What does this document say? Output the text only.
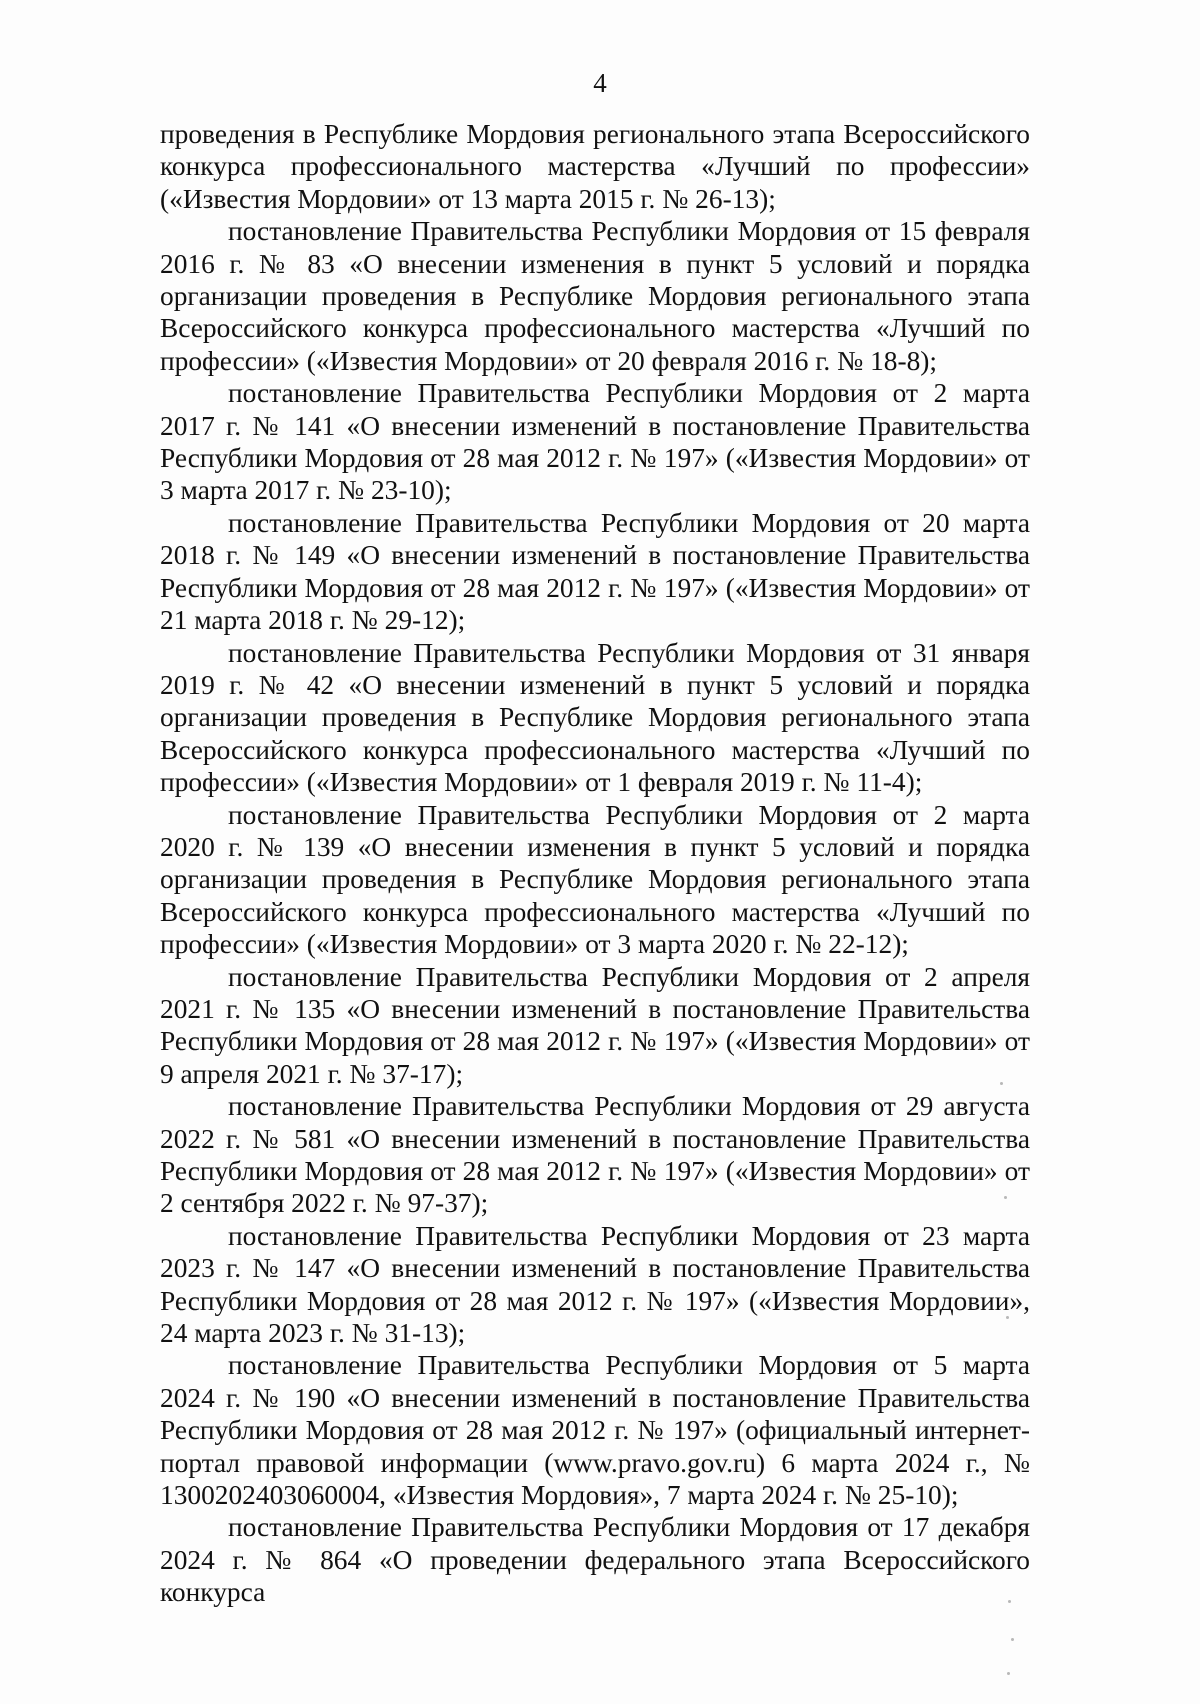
4

проведения в Республике Мордовия регионального этапа Всероссийского конкурса профессионального мастерства «Лучший по профессии» («Известия Мордовии» от 13 марта 2015 г. № 26-13);

постановление Правительства Республики Мордовия от 15 февраля 2016 г. № 83 «О внесении изменения в пункт 5 условий и порядка организации проведения в Республике Мордовия регионального этапа Всероссийского конкурса профессионального мастерства «Лучший по профессии» («Известия Мордовии» от 20 февраля 2016 г. № 18-8);

постановление Правительства Республики Мордовия от 2 марта 2017 г. № 141 «О внесении изменений в постановление Правительства Республики Мордовия от 28 мая 2012 г. № 197» («Известия Мордовии» от 3 марта 2017 г. № 23-10);

постановление Правительства Республики Мордовия от 20 марта 2018 г. № 149 «О внесении изменений в постановление Правительства Республики Мордовия от 28 мая 2012 г. № 197» («Известия Мордовии» от 21 марта 2018 г. № 29-12);

постановление Правительства Республики Мордовия от 31 января 2019 г. № 42 «О внесении изменений в пункт 5 условий и порядка организации проведения в Республике Мордовия регионального этапа Всероссийского конкурса профессионального мастерства «Лучший по профессии» («Известия Мордовии» от 1 февраля 2019 г. № 11-4);

постановление Правительства Республики Мордовия от 2 марта 2020 г. № 139 «О внесении изменения в пункт 5 условий и порядка организации проведения в Республике Мордовия регионального этапа Всероссийского конкурса профессионального мастерства «Лучший по профессии» («Известия Мордовии» от 3 марта 2020 г. № 22-12);

постановление Правительства Республики Мордовия от 2 апреля 2021 г. № 135 «О внесении изменений в постановление Правительства Республики Мордовия от 28 мая 2012 г. № 197» («Известия Мордовии» от 9 апреля 2021 г. № 37-17);

постановление Правительства Республики Мордовия от 29 августа 2022 г. № 581 «О внесении изменений в постановление Правительства Республики Мордовия от 28 мая 2012 г. № 197» («Известия Мордовии» от 2 сентября 2022 г. № 97-37);

постановление Правительства Республики Мордовия от 23 марта 2023 г. № 147 «О внесении изменений в постановление Правительства Республики Мордовия от 28 мая 2012 г. № 197» («Известия Мордовии», 24 марта 2023 г. № 31-13);

постановление Правительства Республики Мордовия от 5 марта 2024 г. № 190 «О внесении изменений в постановление Правительства Республики Мордовия от 28 мая 2012 г. № 197» (официальный интернет-портал правовой информации (www.pravo.gov.ru) 6 марта 2024 г., № 1300202403060004, «Известия Мордовия», 7 марта 2024 г. № 25-10);

постановление Правительства Республики Мордовия от 17 декабря 2024 г. № 864 «О проведении федерального этапа Всероссийского конкурса
